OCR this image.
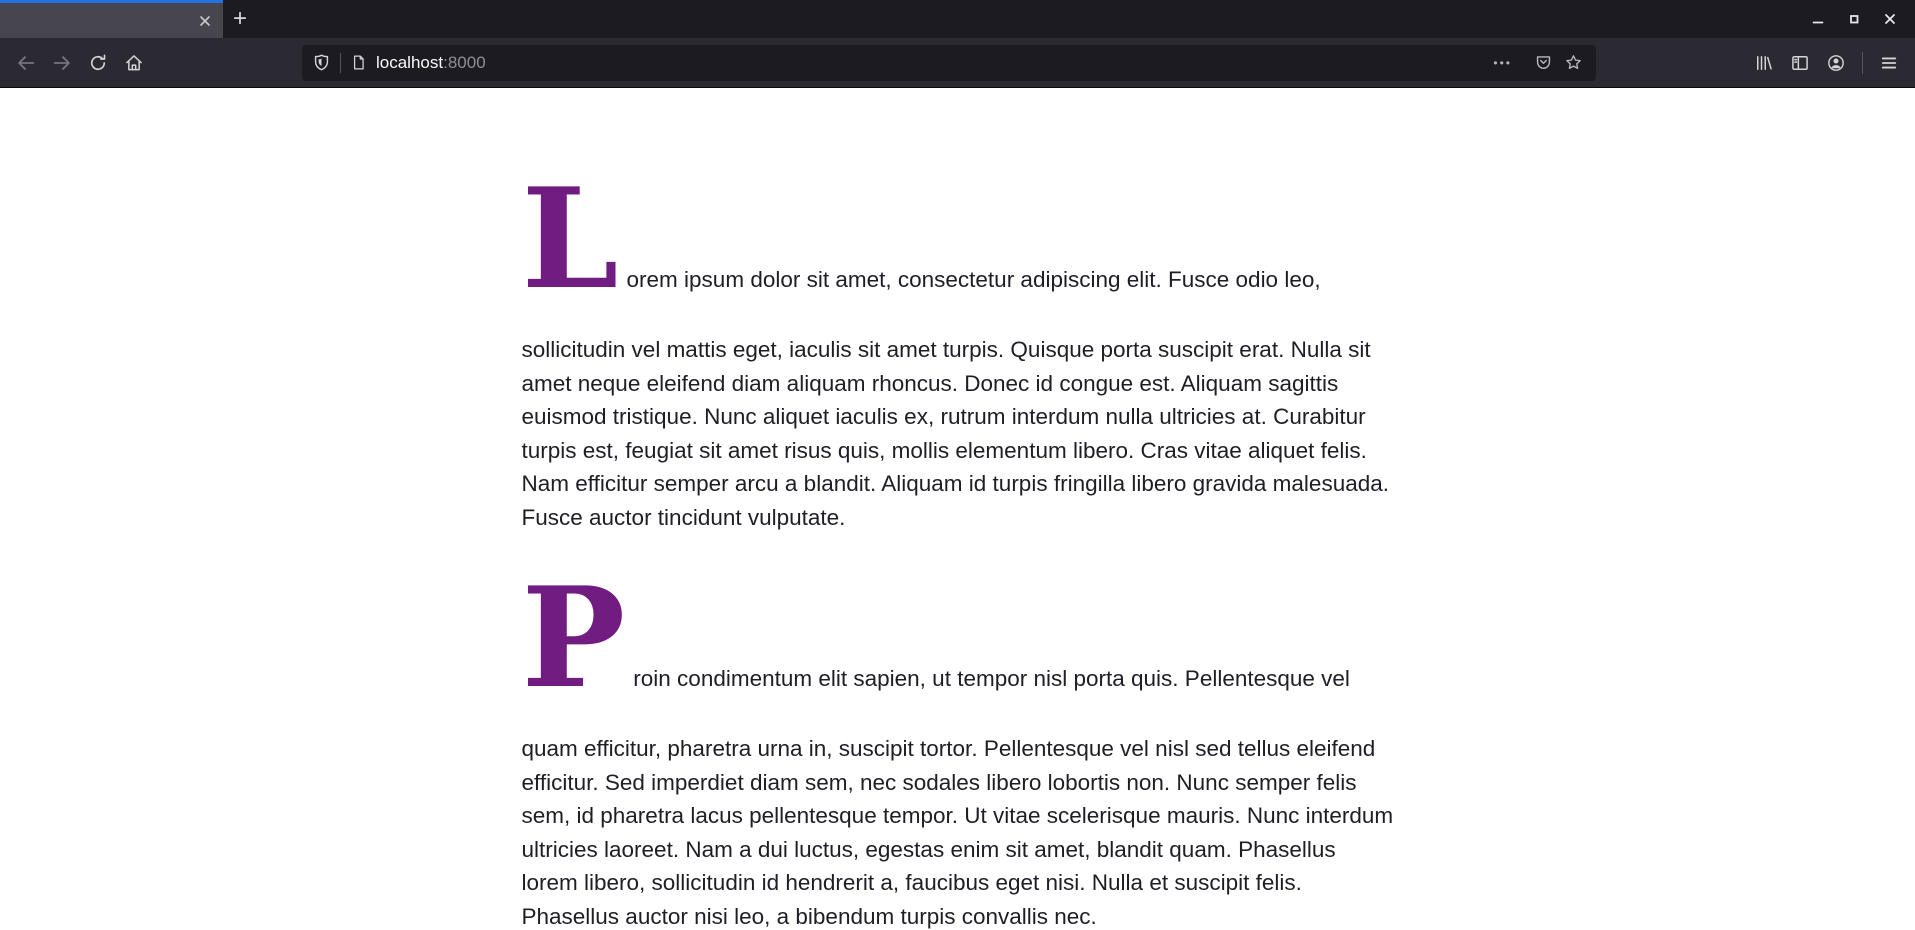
+
localhost:8000	•••

Lorem ipsum dolor sit amet, consectetur adipiscing elit. Fusce odio leo, sollicitudin vel mattis eget, iaculis sit amet turpis. Quisque porta suscipit erat. Nulla sit amet neque eleifend diam aliquam rhoncus. Donec id congue est. Aliquam sagittis euismod tristique. Nunc aliquet iaculis ex, rutrum interdum nulla ultricies at. Curabitur turpis est, feugiat sit amet risus quis, mollis elementum libero. Cras vitae aliquet felis. Nam efficitur semper arcu a blandit. Aliquam id turpis fringilla libero gravida malesuada. Fusce auctor tincidunt vulputate.

Proin condimentum elit sapien, ut tempor nisl porta quis. Pellentesque vel quam efficitur, pharetra urna in, suscipit tortor. Pellentesque vel nisl sed tellus eleifend efficitur. Sed imperdiet diam sem, nec sodales libero lobortis non. Nunc semper felis sem, id pharetra lacus pellentesque tempor. Ut vitae scelerisque mauris. Nunc interdum ultricies laoreet. Nam a dui luctus, egestas enim sit amet, blandit quam. Phasellus lorem libero, sollicitudin id hendrerit a, faucibus eget nisi. Nulla et suscipit felis. Phasellus auctor nisi leo, a bibendum turpis convallis nec.
